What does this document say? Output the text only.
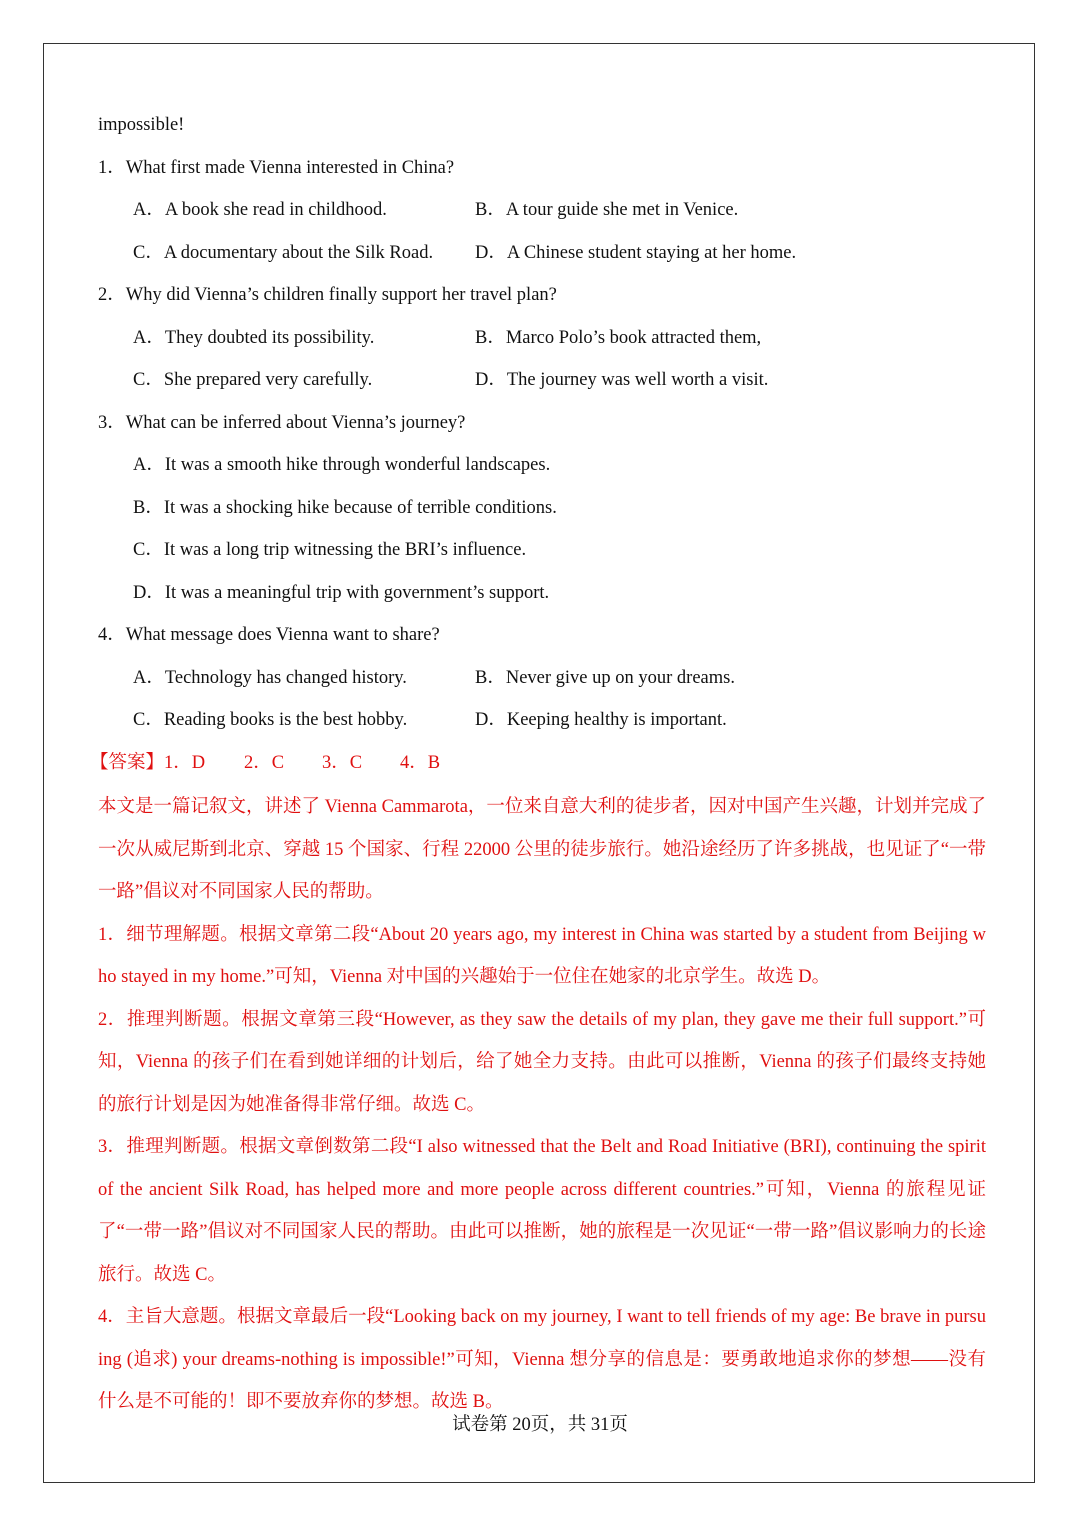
impossible!
1．What first made Vienna interested in China?
A．A book she read in childhood.	B．A tour guide she met in Venice.
C．A documentary about the Silk Road.	D．A Chinese student staying at her home.
2．Why did Vienna’s children finally support her travel plan?
A．They doubted its possibility.	B．Marco Polo’s book attracted them,
C．She prepared very carefully.	D．The journey was well worth a visit.
3．What can be inferred about Vienna’s journey?
A．It was a smooth hike through wonderful landscapes.
B．It was a shocking hike because of terrible conditions.
C．It was a long trip witnessing the BRI’s influence.
D．It was a meaningful trip with government’s support.
4．What message does Vienna want to share?
A．Technology has changed history.	B．Never give up on your dreams.
C．Reading books is the best hobby.	D．Keeping healthy is important.
【答案】1．D 2．C 3．C 4．B
本文是一篇记叙文，讲述了 Vienna Cammarota，一位来自意大利的徒步者，因对中国产生兴趣，计划并完成了一次从威尼斯到北京、穿越 15 个国家、行程 22000 公里的徒步旅行。她沿途经历了许多挑战，也见证了“一带一路”倡议对不同国家人民的帮助。
1．细节理解题。根据文章第二段“About 20 years ago, my interest in China was started by a student from Beijing who stayed in my home.”可知，Vienna 对中国的兴趣始于一位住在她家的北京学生。故选 D。
2．推理判断题。根据文章第三段“However, as they saw the details of my plan, they gave me their full support.”可知，Vienna 的孩子们在看到她详细的计划后，给了她全力支持。由此可以推断，Vienna 的孩子们最终支持她的旅行计划是因为她准备得非常仔细。故选 C。
3．推理判断题。根据文章倒数第二段“I also witnessed that the Belt and Road Initiative (BRI), continuing the spirit of the ancient Silk Road, has helped more and more people across different countries.”可知，Vienna 的旅程见证了“一带一路”倡议对不同国家人民的帮助。由此可以推断，她的旅程是一次见证“一带一路”倡议影响力的长途旅行。故选 C。
4．主旨大意题。根据文章最后一段“Looking back on my journey, I want to tell friends of my age: Be brave in pursuing (追求) your dreams-nothing is impossible!”可知，Vienna 想分享的信息是：要勇敢地追求你的梦想——没有什么是不可能的！即不要放弃你的梦想。故选 B。
试卷第 20页，共 31页
